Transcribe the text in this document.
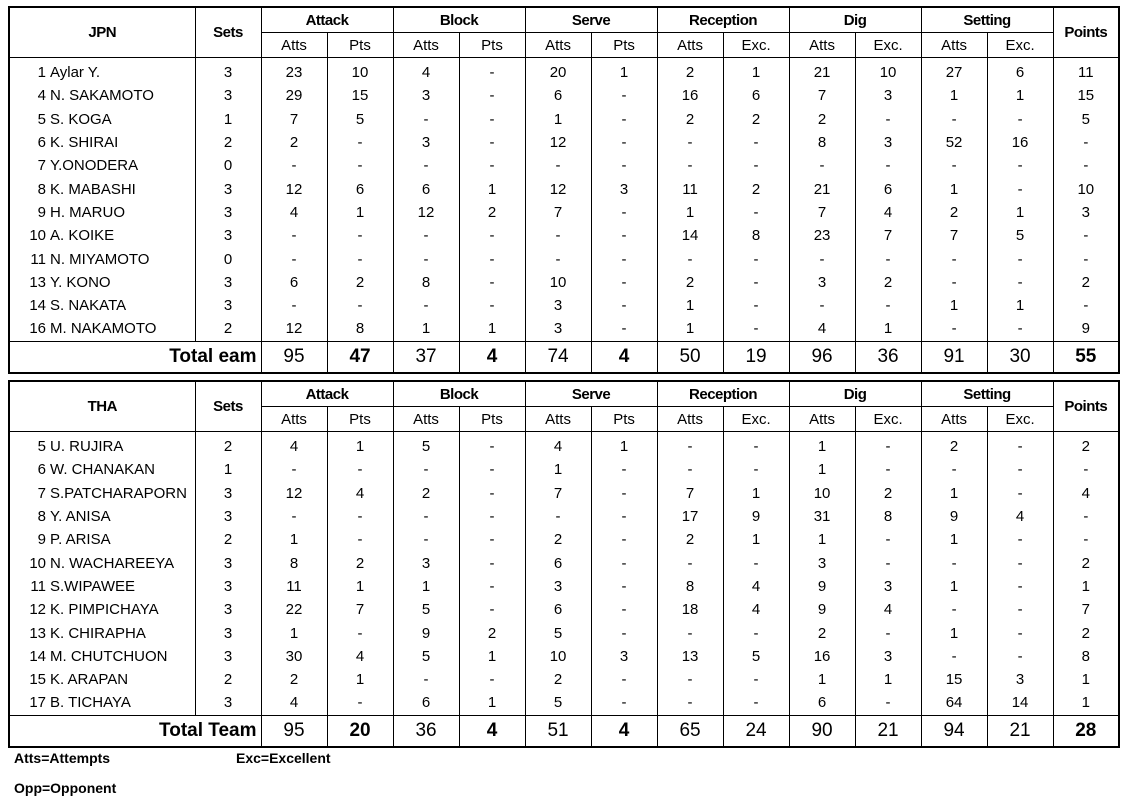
JPN	Sets	Attack		Block		Serve		Reception		Dig		Setting		Points
		Atts	Pts	Atts	Pts	Atts	Pts	Atts	Exc.	Atts	Exc.	Atts	Exc.	
1 Aylar Y.	3	23	10	4	-	20	1	2	1	21	10	27	6	11
4 N. SAKAMOTO	3	29	15	3	-	6	-	16	6	7	3	1	1	15
5 S. KOGA	1	7	5	-	-	1	-	2	2	2	-	-	-	5
6 K. SHIRAI	2	2	-	3	-	12	-	-	-	8	3	52	16	-
7 Y.ONODERA	0	-	-	-	-	-	-	-	-	-	-	-	-	-
8 K. MABASHI	3	12	6	6	1	12	3	11	2	21	6	1	-	10
9 H. MARUO	3	4	1	12	2	7	-	1	-	7	4	2	1	3
10 A. KOIKE	3	-	-	-	-	-	-	14	8	23	7	7	5	-
11 N. MIYAMOTO	0	-	-	-	-	-	-	-	-	-	-	-	-	-
13 Y. KONO	3	6	2	8	-	10	-	2	-	3	2	-	-	2
14 S. NAKATA	3	-	-	-	-	3	-	1	-	-	-	1	1	-
16 M. NAKAMOTO	2	12	8	1	1	3	-	1	-	4	1	-	-	9
Total eam		95	47	37	4	74	4	50	19	96	36	91	30	55
THA	Sets	Attack		Block		Serve		Reception		Dig		Setting		Points
		Atts	Pts	Atts	Pts	Atts	Pts	Atts	Exc.	Atts	Exc.	Atts	Exc.	
5 U. RUJIRA	2	4	1	5	-	4	1	-	-	1	-	2	-	2
6 W. CHANAKAN	1	-	-	-	-	1	-	-	-	1	-	-	-	-
7 S.PATCHARAPORN	3	12	4	2	-	7	-	7	1	10	2	1	-	4
8 Y. ANISA	3	-	-	-	-	-	-	17	9	31	8	9	4	-
9 P. ARISA	2	1	-	-	-	2	-	2	1	1	-	1	-	-
10 N. WACHAREEYA	3	8	2	3	-	6	-	-	-	3	-	-	-	2
11 S.WIPAWEE	3	11	1	1	-	3	-	8	4	9	3	1	-	1
12 K. PIMPICHAYA	3	22	7	5	-	6	-	18	4	9	4	-	-	7
13 K. CHIRAPHA	3	1	-	9	2	5	-	-	-	2	-	1	-	2
14 M. CHUTCHUON	3	30	4	5	1	10	3	13	5	16	3	-	-	8
15 K. ARAPAN	2	2	1	-	-	2	-	-	-	1	1	15	3	1
17 B. TICHAYA	3	4	-	6	1	5	-	-	-	6	-	64	14	1
Total Team		95	20	36	4	51	4	65	24	90	21	94	21	28
Atts=Attempts	Exc=Excellent
Opp=Opponent
